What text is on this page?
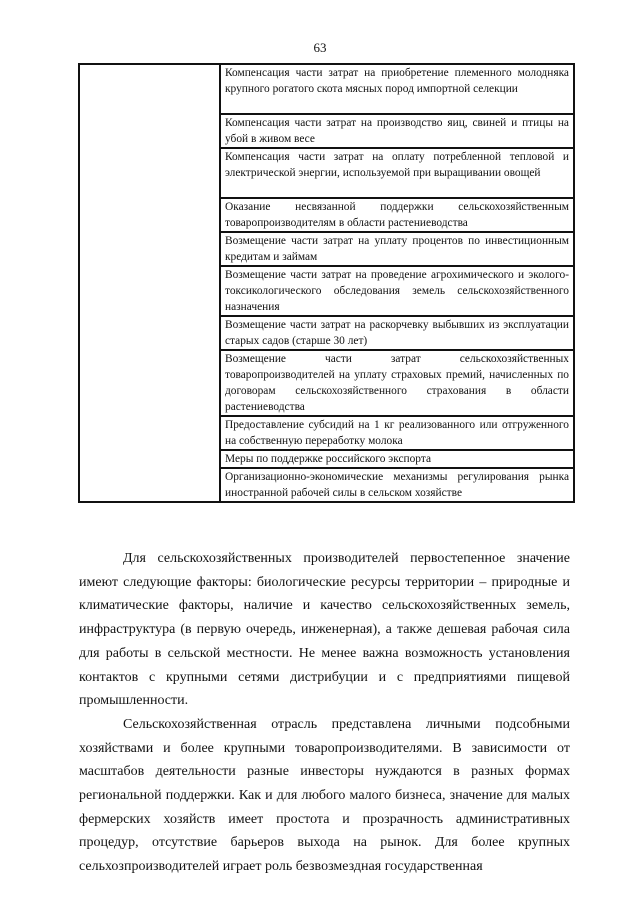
63
	Компенсация части затрат на приобретение племенного молодняка крупного рогатого скота мясных пород импортной селекции
Компенсация части затрат на производство яиц, свиней и птицы на убой в живом весе
Компенсация части затрат на оплату потребленной тепловой и электрической энергии, используемой при выращивании овощей
Оказание несвязанной поддержки сельскохозяйственным товаропроизводителям в области растениеводства
Возмещение части затрат на уплату процентов по инвестиционным кредитам и займам
Возмещение части затрат на проведение агрохимического и эколого-токсикологического обследования земель сельскохозяйственного назначения
Возмещение части затрат на раскорчевку выбывших из эксплуатации старых садов (старше 30 лет)
Возмещение части затрат сельскохозяйственных товаропроизводителей на уплату страховых премий, начисленных по договорам сельскохозяйственного страхования в области растениеводства
Предоставление субсидий на 1 кг реализованного или отгруженного на собственную переработку молока
Меры по поддержке российского экспорта
Организационно-экономические механизмы регулирования рынка иностранной рабочей силы в сельском хозяйстве

Для сельскохозяйственных производителей первостепенное значение имеют следующие факторы: биологические ресурсы территории – природные и климатические факторы, наличие и качество сельскохозяйственных земель, инфраструктура (в первую очередь, инженерная), а также дешевая рабочая сила для работы в сельской местности. Не менее важна возможность установления контактов с крупными сетями дистрибуции и с предприятиями пищевой промышленности.

Сельскохозяйственная отрасль представлена личными подсобными хозяйствами и более крупными товаропроизводителями. В зависимости от масштабов деятельности разные инвесторы нуждаются в разных формах региональной поддержки. Как и для любого малого бизнеса, значение для малых фермерских хозяйств имеет простота и прозрачность административных процедур, отсутствие барьеров выхода на рынок. Для более крупных сельхозпроизводителей играет роль безвозмездная государственная
